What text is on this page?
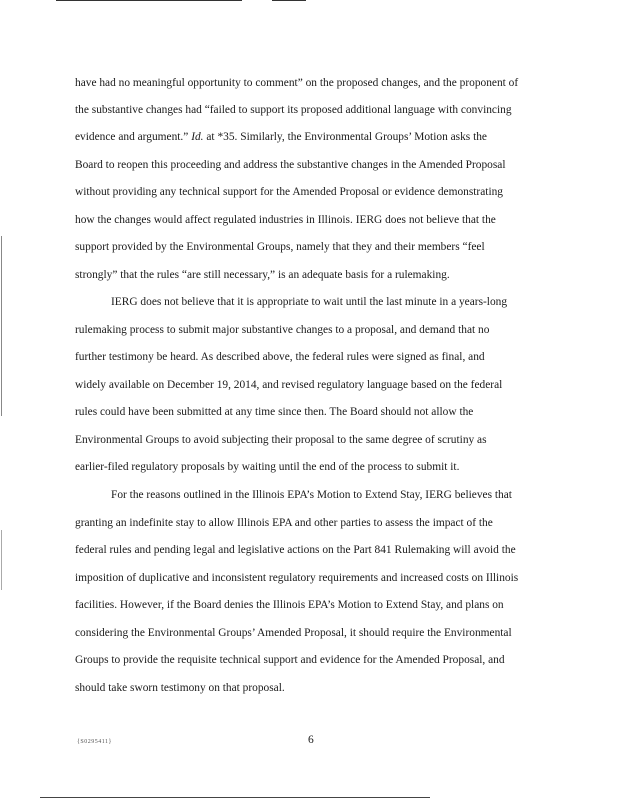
have had no meaningful opportunity to comment” on the proposed changes, and the proponent of
the substantive changes had “failed to support its proposed additional language with convincing
evidence and argument.” Id. at *35. Similarly, the Environmental Groups’ Motion asks the
Board to reopen this proceeding and address the substantive changes in the Amended Proposal
without providing any technical support for the Amended Proposal or evidence demonstrating
how the changes would affect regulated industries in Illinois. IERG does not believe that the
support provided by the Environmental Groups, namely that they and their members “feel
strongly” that the rules “are still necessary,” is an adequate basis for a rulemaking.
IERG does not believe that it is appropriate to wait until the last minute in a years-long
rulemaking process to submit major substantive changes to a proposal, and demand that no
further testimony be heard. As described above, the federal rules were signed as final, and
widely available on December 19, 2014, and revised regulatory language based on the federal
rules could have been submitted at any time since then. The Board should not allow the
Environmental Groups to avoid subjecting their proposal to the same degree of scrutiny as
earlier-filed regulatory proposals by waiting until the end of the process to submit it.
For the reasons outlined in the Illinois EPA’s Motion to Extend Stay, IERG believes that
granting an indefinite stay to allow Illinois EPA and other parties to assess the impact of the
federal rules and pending legal and legislative actions on the Part 841 Rulemaking will avoid the
imposition of duplicative and inconsistent regulatory requirements and increased costs on Illinois
facilities. However, if the Board denies the Illinois EPA’s Motion to Extend Stay, and plans on
considering the Environmental Groups’ Amended Proposal, it should require the Environmental
Groups to provide the requisite technical support and evidence for the Amended Proposal, and
should take sworn testimony on that proposal.
{S0295411}	6
